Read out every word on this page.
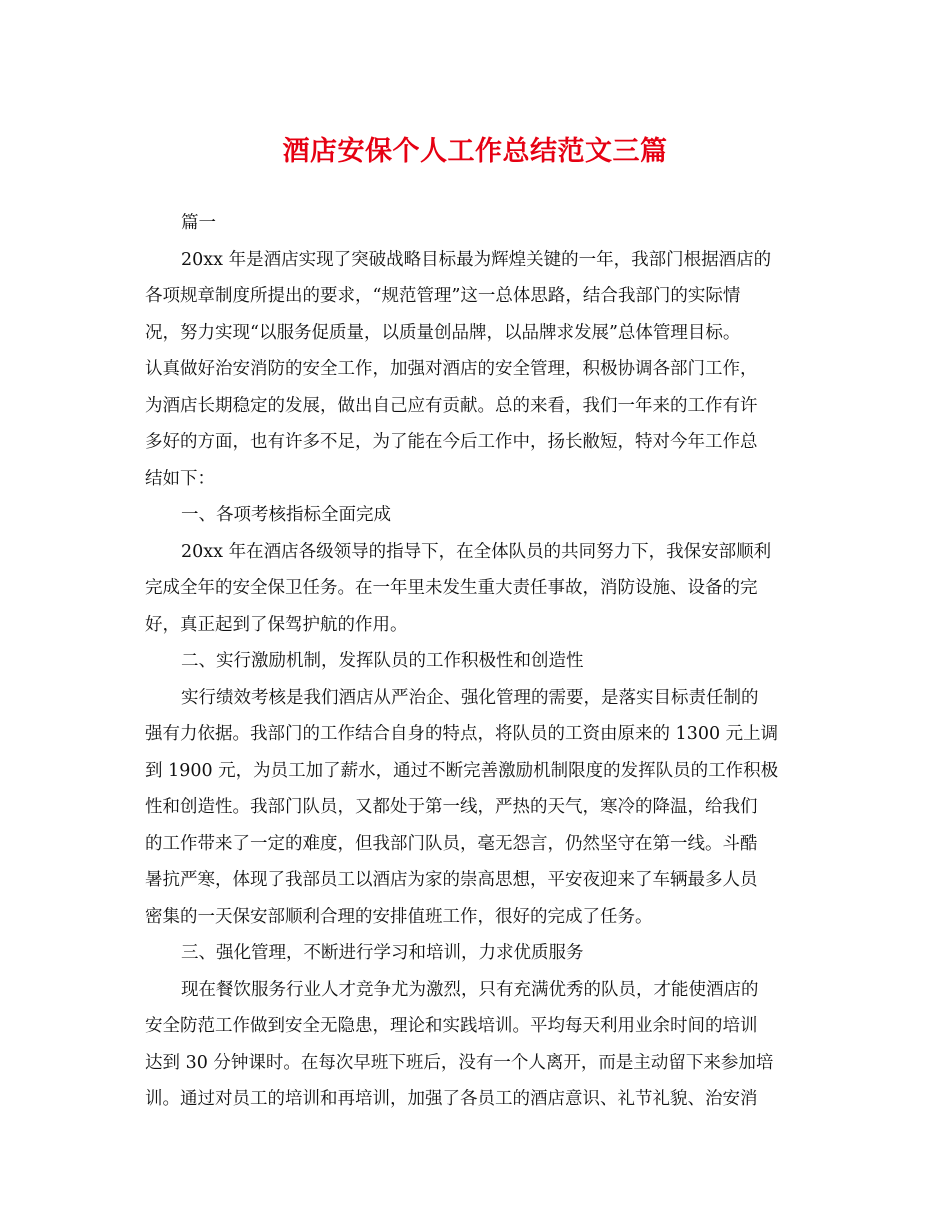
酒店安保个人工作总结范文三篇
篇一
20xx 年是酒店实现了突破战略目标最为辉煌关键的一年，我部门根据酒店的
各项规章制度所提出的要求，“规范管理”这一总体思路，结合我部门的实际情
况，努力实现“以服务促质量，以质量创品牌，以品牌求发展”总体管理目标。
认真做好治安消防的安全工作，加强对酒店的安全管理，积极协调各部门工作，
为酒店长期稳定的发展，做出自己应有贡献。总的来看，我们一年来的工作有许
多好的方面，也有许多不足，为了能在今后工作中，扬长敝短，特对今年工作总
结如下：
一、各项考核指标全面完成
20xx 年在酒店各级领导的指导下，在全体队员的共同努力下，我保安部顺利
完成全年的安全保卫任务。在一年里未发生重大责任事故，消防设施、设备的完
好，真正起到了保驾护航的作用。
二、实行激励机制，发挥队员的工作积极性和创造性
实行绩效考核是我们酒店从严治企、强化管理的需要，是落实目标责任制的
强有力依据。我部门的工作结合自身的特点，将队员的工资由原来的 1300 元上调
到 1900 元，为员工加了薪水，通过不断完善激励机制限度的发挥队员的工作积极
性和创造性。我部门队员，又都处于第一线，严热的天气，寒冷的降温，给我们
的工作带来了一定的难度，但我部门队员，毫无怨言，仍然坚守在第一线。斗酷
暑抗严寒，体现了我部员工以酒店为家的崇高思想，平安夜迎来了车辆最多人员
密集的一天保安部顺利合理的安排值班工作，很好的完成了任务。
三、强化管理，不断进行学习和培训，力求优质服务
现在餐饮服务行业人才竞争尤为激烈，只有充满优秀的队员，才能使酒店的
安全防范工作做到安全无隐患，理论和实践培训。平均每天利用业余时间的培训
达到 30 分钟课时。在每次早班下班后，没有一个人离开，而是主动留下来参加培
训。通过对员工的培训和再培训，加强了各员工的酒店意识、礼节礼貌、治安消
